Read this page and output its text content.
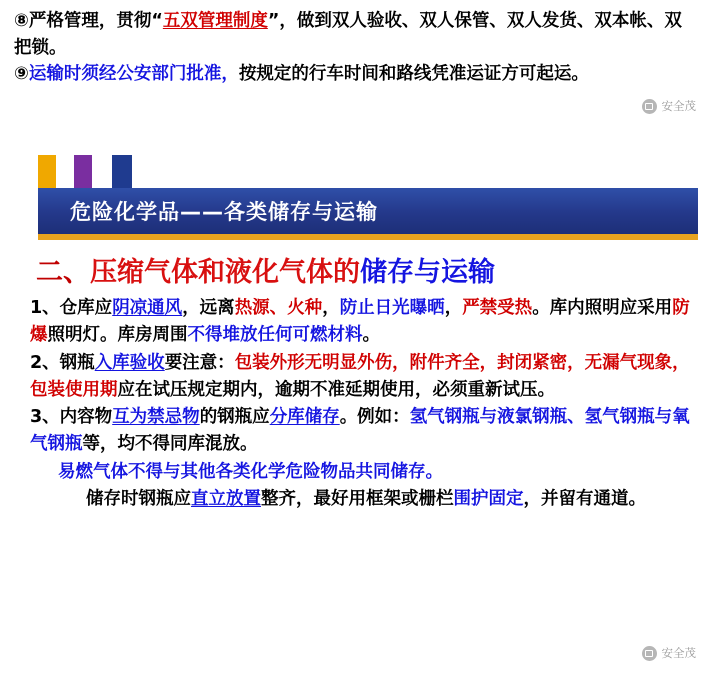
⑧严格管理，贯彻“五双管理制度”，做到双人验收、双人保管、双人发货、双本帐、双把锁。
⑨运输时须经公安部门批准，按规定的行车时间和路线凭准运证方可起运。
安全茂
危险化学品——各类储存与运输
二、压缩气体和液化气体的储存与运输

1、仓库应阴凉通风，远离热源、火种，防止日光曝晒，严禁受热。库内照明应采用防爆照明灯。库房周围不得堆放任何可燃材料。

2、钢瓶入库验收要注意：包装外形无明显外伤，附件齐全，封闭紧密，无漏气现象，包装使用期应在试压规定期内，逾期不准延期使用，必须重新试压。

3、内容物互为禁忌物的钢瓶应分库储存。例如：氢气钢瓶与液氯钢瓶、氢气钢瓶与氧气钢瓶等，均不得同库混放。

易燃气体不得与其他各类化学危险物品共同储存。

储存时钢瓶应直立放置整齐，最好用框架或栅栏围护固定，并留有通道。

安全茂
